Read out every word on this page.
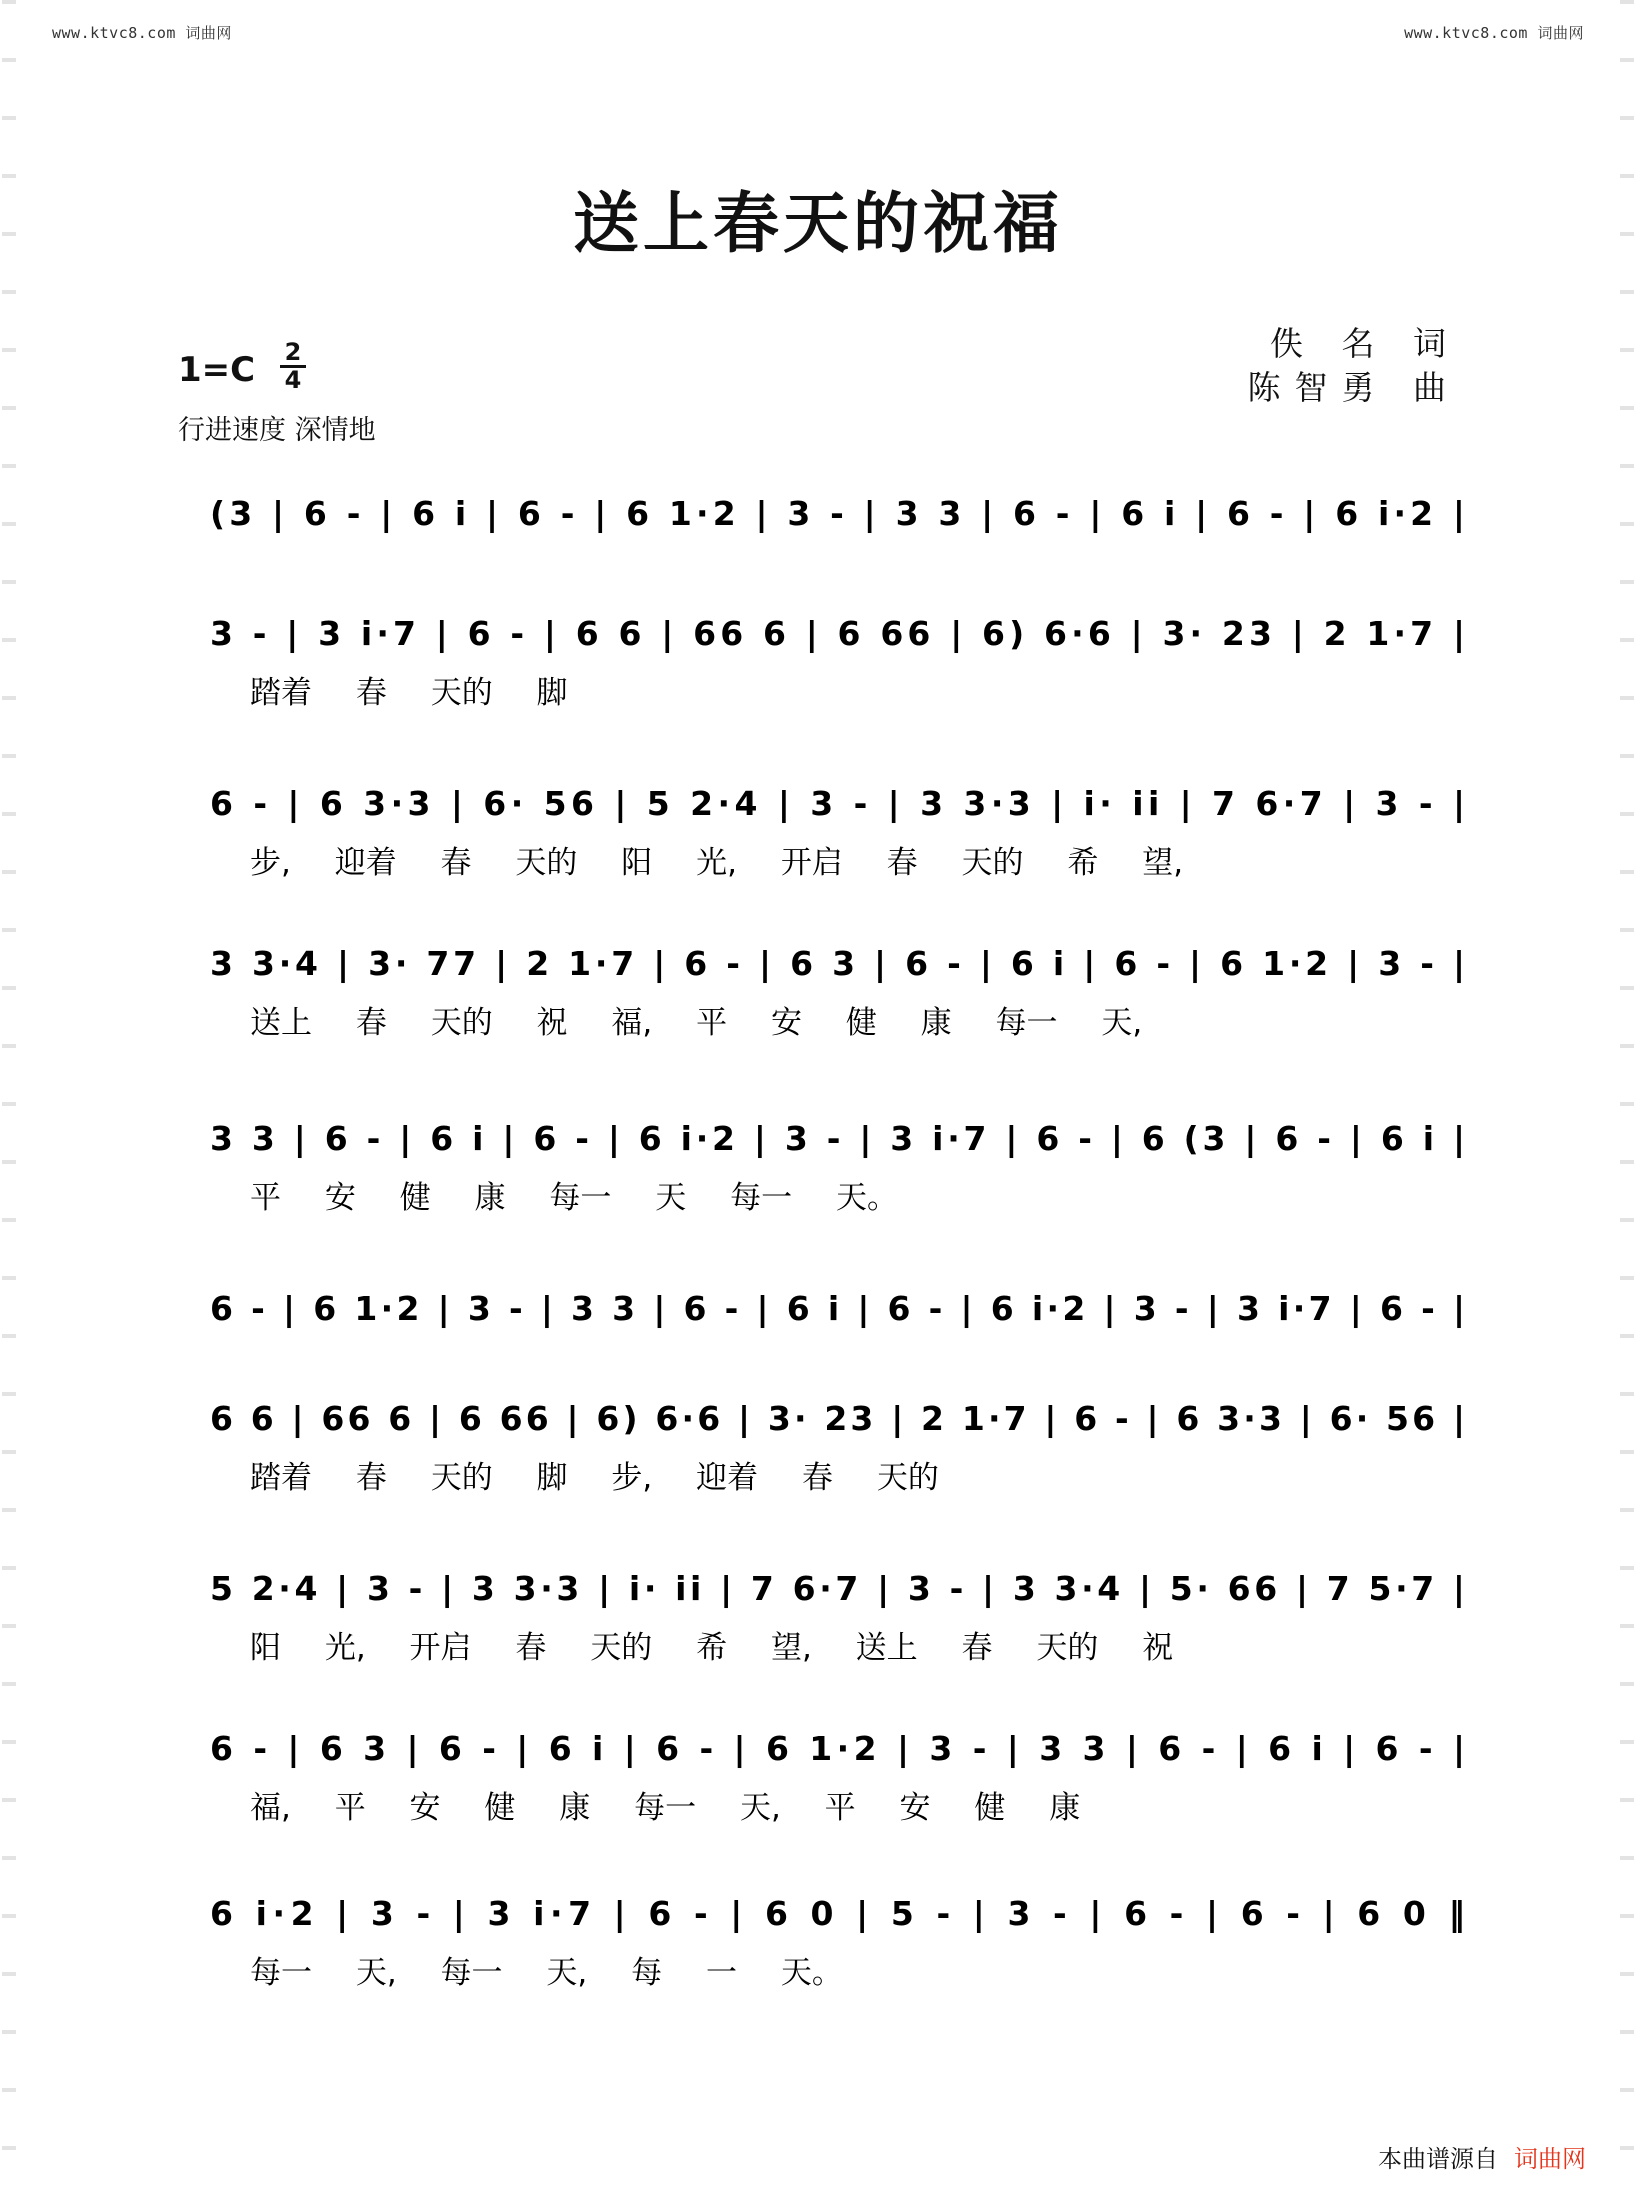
www.ktvc8.com 词曲网	www.ktvc8.com 词曲网
送上春天的祝福
佚 名 词
陈智勇 曲
1=C 2
4
行进速度 深情地
(3 | 6 - | 6 i | 6 - | 6 1·2 | 3 - | 3 3 | 6 - | 6 i | 6 - | 6 i·2 |
3 - | 3 i·7 | 6 - | 6 6 | 66 6 | 6 66 | 6) 6·6 | 3· 23 | 2 1·7 |
踏着 春 天的 脚
6 - | 6 3·3 | 6· 56 | 5 2·4 | 3 - | 3 3·3 | i· ii | 7 6·7 | 3 - |
步, 迎着 春 天的 阳 光, 开启 春 天的 希 望,
3 3·4 | 3· 77 | 2 1·7 | 6 - | 6 3 | 6 - | 6 i | 6 - | 6 1·2 | 3 - |
送上 春 天的 祝 福, 平 安 健 康 每一 天,
3 3 | 6 - | 6 i | 6 - | 6 i·2 | 3 - | 3 i·7 | 6 - | 6 (3 | 6 - | 6 i |
平 安 健 康 每一 天 每一 天。
6 - | 6 1·2 | 3 - | 3 3 | 6 - | 6 i | 6 - | 6 i·2 | 3 - | 3 i·7 | 6 - |
6 6 | 66 6 | 6 66 | 6) 6·6 | 3· 23 | 2 1·7 | 6 - | 6 3·3 | 6· 56 |
踏着 春 天的 脚 步, 迎着 春 天的
5 2·4 | 3 - | 3 3·3 | i· ii | 7 6·7 | 3 - | 3 3·4 | 5· 66 | 7 5·7 |
阳 光, 开启 春 天的 希 望, 送上 春 天的 祝
6 - | 6 3 | 6 - | 6 i | 6 - | 6 1·2 | 3 - | 3 3 | 6 - | 6 i | 6 - |
福, 平 安 健 康 每一 天, 平 安 健 康
6 i·2 | 3 - | 3 i·7 | 6 - | 6 0 | 5 - | 3 - | 6 - | 6 - | 6 0 ‖
每一 天, 每一 天, 每 一 天。
本曲谱源自 词曲网
